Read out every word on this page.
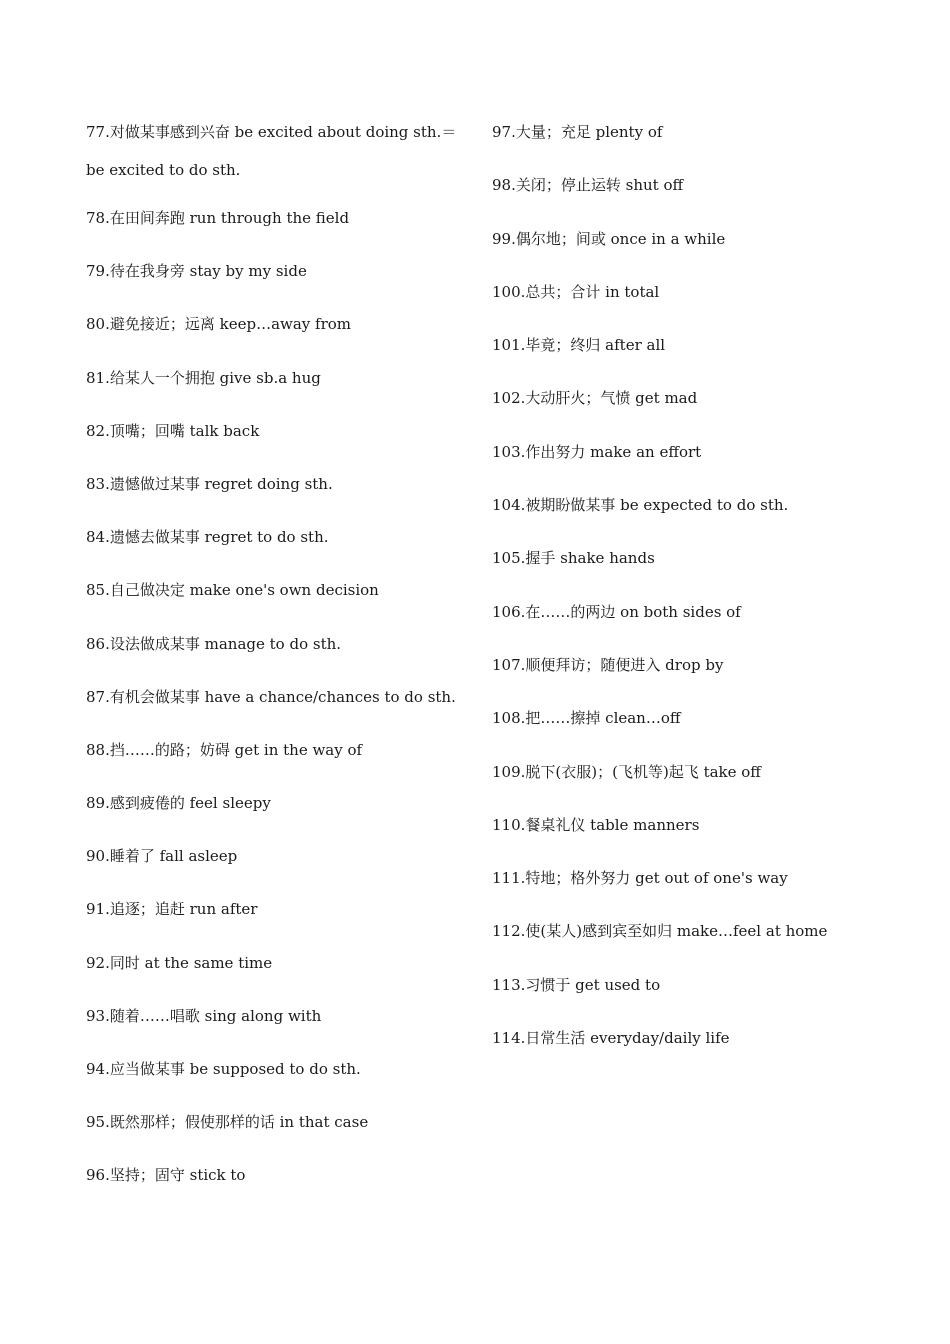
77.对做某事感到兴奋 be excited about doing sth.＝be excited to do sth.
78.在田间奔跑 run through the field
79.待在我身旁 stay by my side
80.避免接近；远离 keep…away from
81.给某人一个拥抱 give sb.a hug
82.顶嘴；回嘴 talk back
83.遗憾做过某事 regret doing sth.
84.遗憾去做某事 regret to do sth.
85.自己做决定 make one's own decision
86.设法做成某事 manage to do sth.
87.有机会做某事 have a chance/chances to do sth.
88.挡……的路；妨碍 get in the way of
89.感到疲倦的 feel sleepy
90.睡着了 fall asleep
91.追逐；追赶 run after
92.同时 at the same time
93.随着……唱歌 sing along with
94.应当做某事 be supposed to do sth.
95.既然那样；假使那样的话 in that case
96.坚持；固守 stick to
97.大量；充足 plenty of
98.关闭；停止运转 shut off
99.偶尔地；间或 once in a while
100.总共；合计 in total
101.毕竟；终归 after all
102.大动肝火；气愤 get mad
103.作出努力 make an effort
104.被期盼做某事 be expected to do sth.
105.握手 shake hands
106.在……的两边 on both sides of
107.顺便拜访；随便进入 drop by
108.把……擦掉 clean…off
109.脱下(衣服)；(飞机等)起飞 take off
110.餐桌礼仪 table manners
111.特地；格外努力 get out of one's way
112.使(某人)感到宾至如归 make…feel at home
113.习惯于 get used to
114.日常生活 everyday/daily life
